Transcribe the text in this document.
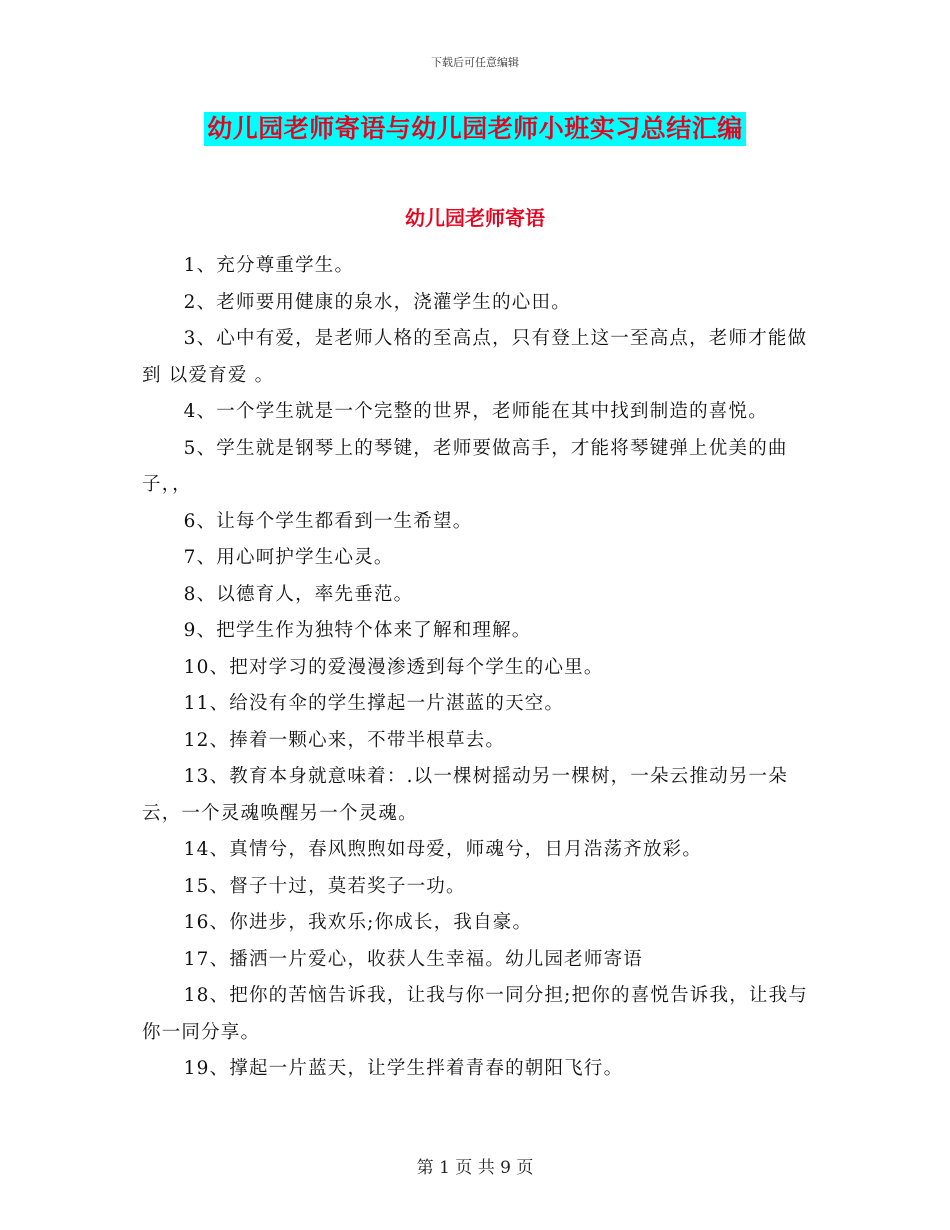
下载后可任意编辑
幼儿园老师寄语与幼儿园老师小班实习总结汇编
幼儿园老师寄语

1、充分尊重学生。

2、老师要用健康的泉水，浇灌学生的心田。

3、心中有爱，是老师人格的至高点，只有登上这一至高点，老师才能做到 以爱育爱 。

4、一个学生就是一个完整的世界，老师能在其中找到制造的喜悦。

5、学生就是钢琴上的琴键，老师要做高手，才能将琴键弹上优美的曲子，，

6、让每个学生都看到一生希望。

7、用心呵护学生心灵。

8、以德育人，率先垂范。

9、把学生作为独特个体来了解和理解。

10、把对学习的爱漫漫渗透到每个学生的心里。

11、给没有伞的学生撑起一片湛蓝的天空。

12、捧着一颗心来，不带半根草去。

13、教育本身就意味着：.以一棵树摇动另一棵树，一朵云推动另一朵云，一个灵魂唤醒另一个灵魂。

14、真情兮，春风煦煦如母爱，师魂兮，日月浩荡齐放彩。

15、督子十过，莫若奖子一功。

16、你进步，我欢乐;你成长，我自豪。

17、播洒一片爱心，收获人生幸福。幼儿园老师寄语

18、把你的苦恼告诉我，让我与你一同分担;把你的喜悦告诉我，让我与你一同分享。

19、撑起一片蓝天，让学生拌着青春的朝阳飞行。

第 1 页 共 9 页
